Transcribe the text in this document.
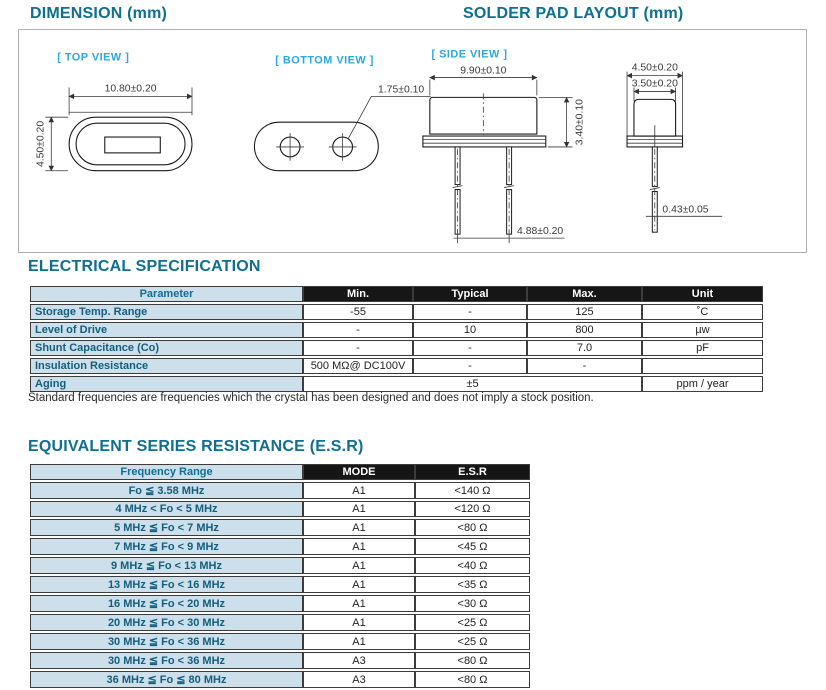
DIMENSION (mm)	SOLDER PAD LAYOUT (mm)
[ TOP VIEW ]
10.80±0.20
4.50±0.20
[ BOTTOM VIEW ]
1.75±0.10
[ SIDE VIEW ]
9.90±0.10
4.88±0.20
3.40±0.10
4.50±0.20
3.50±0.20
0.43±0.05
ELECTRICAL SPECIFICATION
Parameter	Min.	Typical	Max.	Unit
Storage Temp. Range	-55	-	125	˚C
Level of Drive	-	10	800	µw
Shunt Capacitance (Co)	-	-	7.0	pF
Insulation Resistance	500 MΩ@ DC100V	-	-	
Aging	±5			ppm / year

Standard frequencies are frequencies which the crystal has been designed and does not imply a stock position.

EQUIVALENT SERIES RESISTANCE (E.S.R)
Frequency Range	MODE	E.S.R
Fo ≦ 3.58 MHz	A1	<140 Ω
4 MHz < Fo < 5 MHz	A1	<120 Ω
5 MHz ≦ Fo < 7 MHz	A1	<80 Ω
7 MHz ≦ Fo < 9 MHz	A1	<45 Ω
9 MHz ≦ Fo < 13 MHz	A1	<40 Ω
13 MHz ≦ Fo < 16 MHz	A1	<35 Ω
16 MHz ≦ Fo < 20 MHz	A1	<30 Ω
20 MHz ≦ Fo < 30 MHz	A1	<25 Ω
30 MHz ≦ Fo < 36 MHz	A1	<25 Ω
30 MHz ≦ Fo < 36 MHz	A3	<80 Ω
36 MHz ≦ Fo ≦ 80 MHz	A3	<80 Ω
